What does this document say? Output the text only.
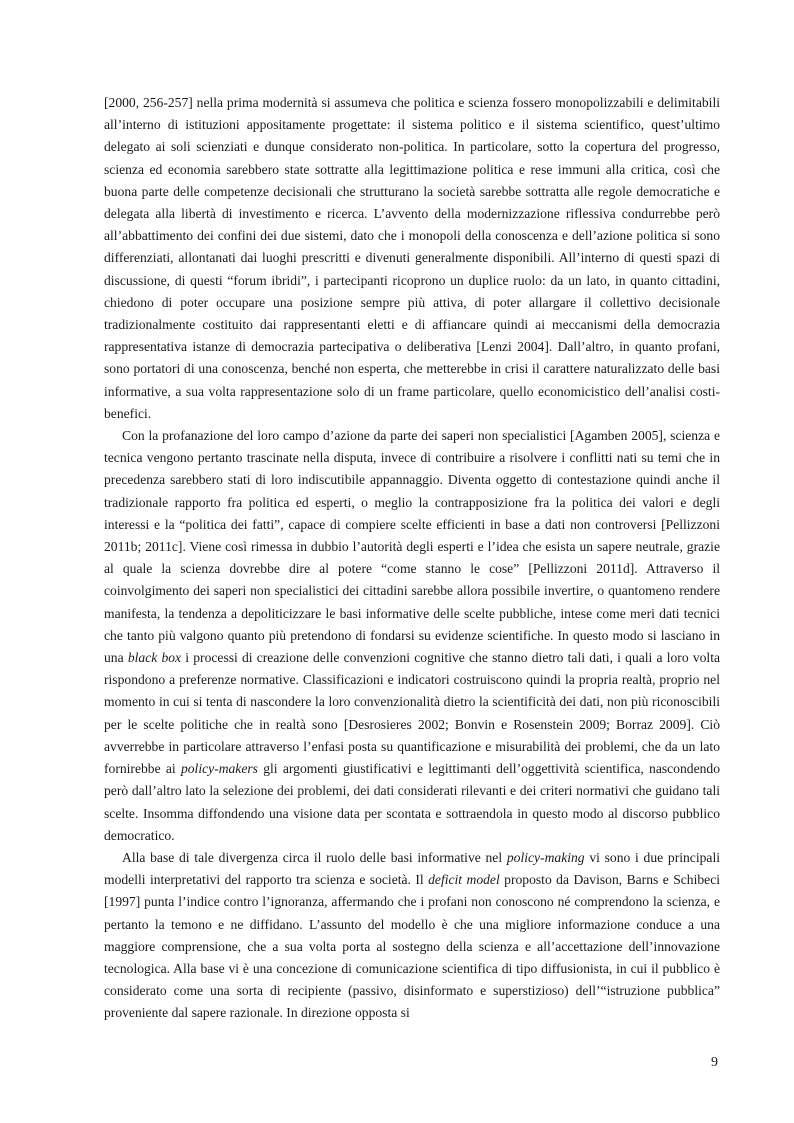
[2000, 256-257] nella prima modernità si assumeva che politica e scienza fossero monopolizzabili e delimitabili all’interno di istituzioni appositamente progettate: il sistema politico e il sistema scientifico, quest’ultimo delegato ai soli scienziati e dunque considerato non-politica. In particolare, sotto la copertura del progresso, scienza ed economia sarebbero state sottratte alla legittimazione politica e rese immuni alla critica, così che buona parte delle competenze decisionali che strutturano la società sarebbe sottratta alle regole democratiche e delegata alla libertà di investimento e ricerca. L’avvento della modernizzazione riflessiva condurrebbe però all’abbattimento dei confini dei due sistemi, dato che i monopoli della conoscenza e dell’azione politica si sono differenziati, allontanati dai luoghi prescritti e divenuti generalmente disponibili. All’interno di questi spazi di discussione, di questi “forum ibridi”, i partecipanti ricoprono un duplice ruolo: da un lato, in quanto cittadini, chiedono di poter occupare una posizione sempre più attiva, di poter allargare il collettivo decisionale tradizionalmente costituito dai rappresentanti eletti e di affiancare quindi ai meccanismi della democrazia rappresentativa istanze di democrazia partecipativa o deliberativa [Lenzi 2004]. Dall’altro, in quanto profani, sono portatori di una conoscenza, benché non esperta, che metterebbe in crisi il carattere naturalizzato delle basi informative, a sua volta rappresentazione solo di un frame particolare, quello economicistico dell’analisi costi-benefici.

Con la profanazione del loro campo d’azione da parte dei saperi non specialistici [Agamben 2005], scienza e tecnica vengono pertanto trascinate nella disputa, invece di contribuire a risolvere i conflitti nati su temi che in precedenza sarebbero stati di loro indiscutibile appannaggio. Diventa oggetto di contestazione quindi anche il tradizionale rapporto fra politica ed esperti, o meglio la contrapposizione fra la politica dei valori e degli interessi e la “politica dei fatti”, capace di compiere scelte efficienti in base a dati non controversi [Pellizzoni 2011b; 2011c]. Viene così rimessa in dubbio l’autorità degli esperti e l’idea che esista un sapere neutrale, grazie al quale la scienza dovrebbe dire al potere “come stanno le cose” [Pellizzoni 2011d]. Attraverso il coinvolgimento dei saperi non specialistici dei cittadini sarebbe allora possibile invertire, o quantomeno rendere manifesta, la tendenza a depoliticizzare le basi informative delle scelte pubbliche, intese come meri dati tecnici che tanto più valgono quanto più pretendono di fondarsi su evidenze scientifiche. In questo modo si lasciano in una black box i processi di creazione delle convenzioni cognitive che stanno dietro tali dati, i quali a loro volta rispondono a preferenze normative. Classificazioni e indicatori costruiscono quindi la propria realtà, proprio nel momento in cui si tenta di nascondere la loro convenzionalità dietro la scientificità dei dati, non più riconoscibili per le scelte politiche che in realtà sono [Desrosieres 2002; Bonvin e Rosenstein 2009; Borraz 2009]. Ciò avverrebbe in particolare attraverso l’enfasi posta su quantificazione e misurabilità dei problemi, che da un lato fornirebbe ai policy-makers gli argomenti giustificativi e legittimanti dell’oggettività scientifica, nascondendo però dall’altro lato la selezione dei problemi, dei dati considerati rilevanti e dei criteri normativi che guidano tali scelte. Insomma diffondendo una visione data per scontata e sottraendola in questo modo al discorso pubblico democratico.

Alla base di tale divergenza circa il ruolo delle basi informative nel policy-making vi sono i due principali modelli interpretativi del rapporto tra scienza e società. Il deficit model proposto da Davison, Barns e Schibeci [1997] punta l’indice contro l’ignoranza, affermando che i profani non conoscono né comprendono la scienza, e pertanto la temono e ne diffidano. L’assunto del modello è che una migliore informazione conduce a una maggiore comprensione, che a sua volta porta al sostegno della scienza e all’accettazione dell’innovazione tecnologica. Alla base vi è una concezione di comunicazione scientifica di tipo diffusionista, in cui il pubblico è considerato come una sorta di recipiente (passivo, disinformato e superstizioso) dell’“istruzione pubblica” proveniente dal sapere razionale. In direzione opposta si

9
